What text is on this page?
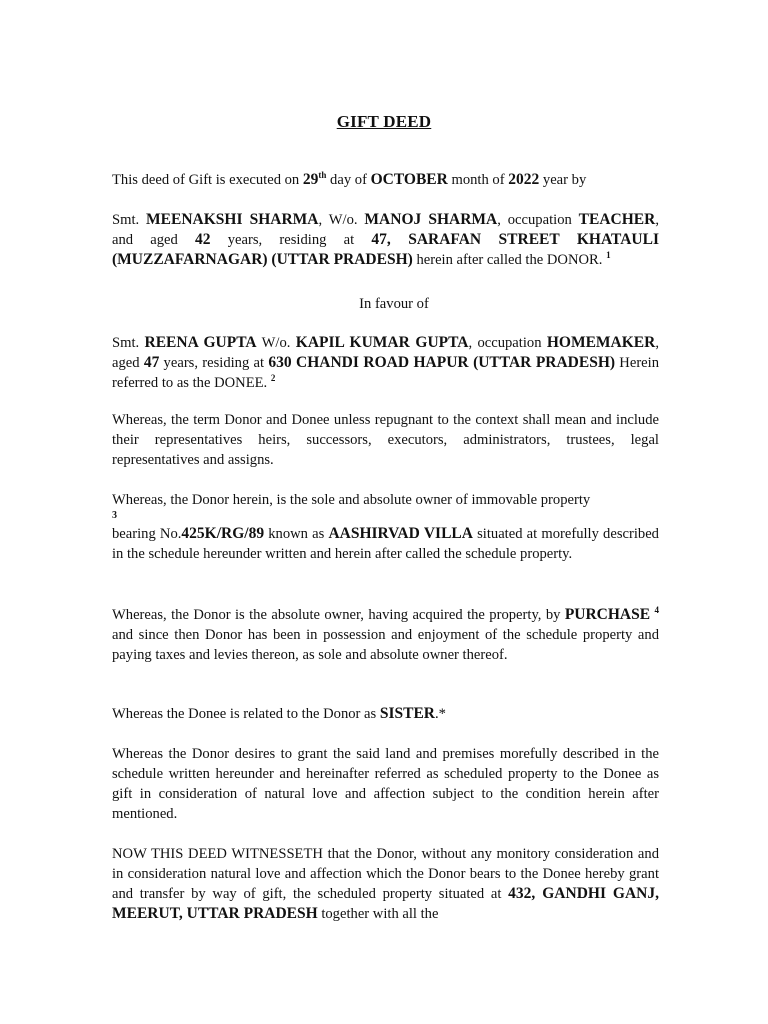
GIFT DEED

This deed of Gift is executed on 29th day of OCTOBER month of 2022 year by

Smt. MEENAKSHI SHARMA, W/o. MANOJ SHARMA, occupation TEACHER, and aged 42 years, residing at 47, SARAFAN STREET KHATAULI (MUZZAFARNAGAR) (UTTAR PRADESH) herein after called the DONOR. $^1$

In favour of

Smt. REENA GUPTA W/o. KAPIL KUMAR GUPTA, occupation HOMEMAKER, aged 47 years, residing at 630 CHANDI ROAD HAPUR (UTTAR PRADESH) Herein referred to as the DONEE. $^2$

Whereas, the term Donor and Donee unless repugnant to the context shall mean and include their representatives heirs, successors, executors, administrators, trustees, legal representatives and assigns.

Whereas, the Donor herein, is the sole and absolute owner of immovable property
3
bearing No.425K/RG/89 known as AASHIRVAD VILLA situated at morefully described in the schedule hereunder written and herein after called the schedule property.

Whereas, the Donor is the absolute owner, having acquired the property, by PURCHASE $^4$ and since then Donor has been in possession and enjoyment of the schedule property and paying taxes and levies thereon, as sole and absolute owner thereof.

Whereas the Donee is related to the Donor as SISTER.*

Whereas the Donor desires to grant the said land and premises morefully described in the schedule written hereunder and hereinafter referred as scheduled property to the Donee as gift in consideration of natural love and affection subject to the condition herein after mentioned.

NOW THIS DEED WITNESSETH that the Donor, without any monitory consideration and in consideration natural love and affection which the Donor bears to the Donee hereby grant and transfer by way of gift, the scheduled property situated at 432, GANDHI GANJ, MEERUT, UTTAR PRADESH together with all the
